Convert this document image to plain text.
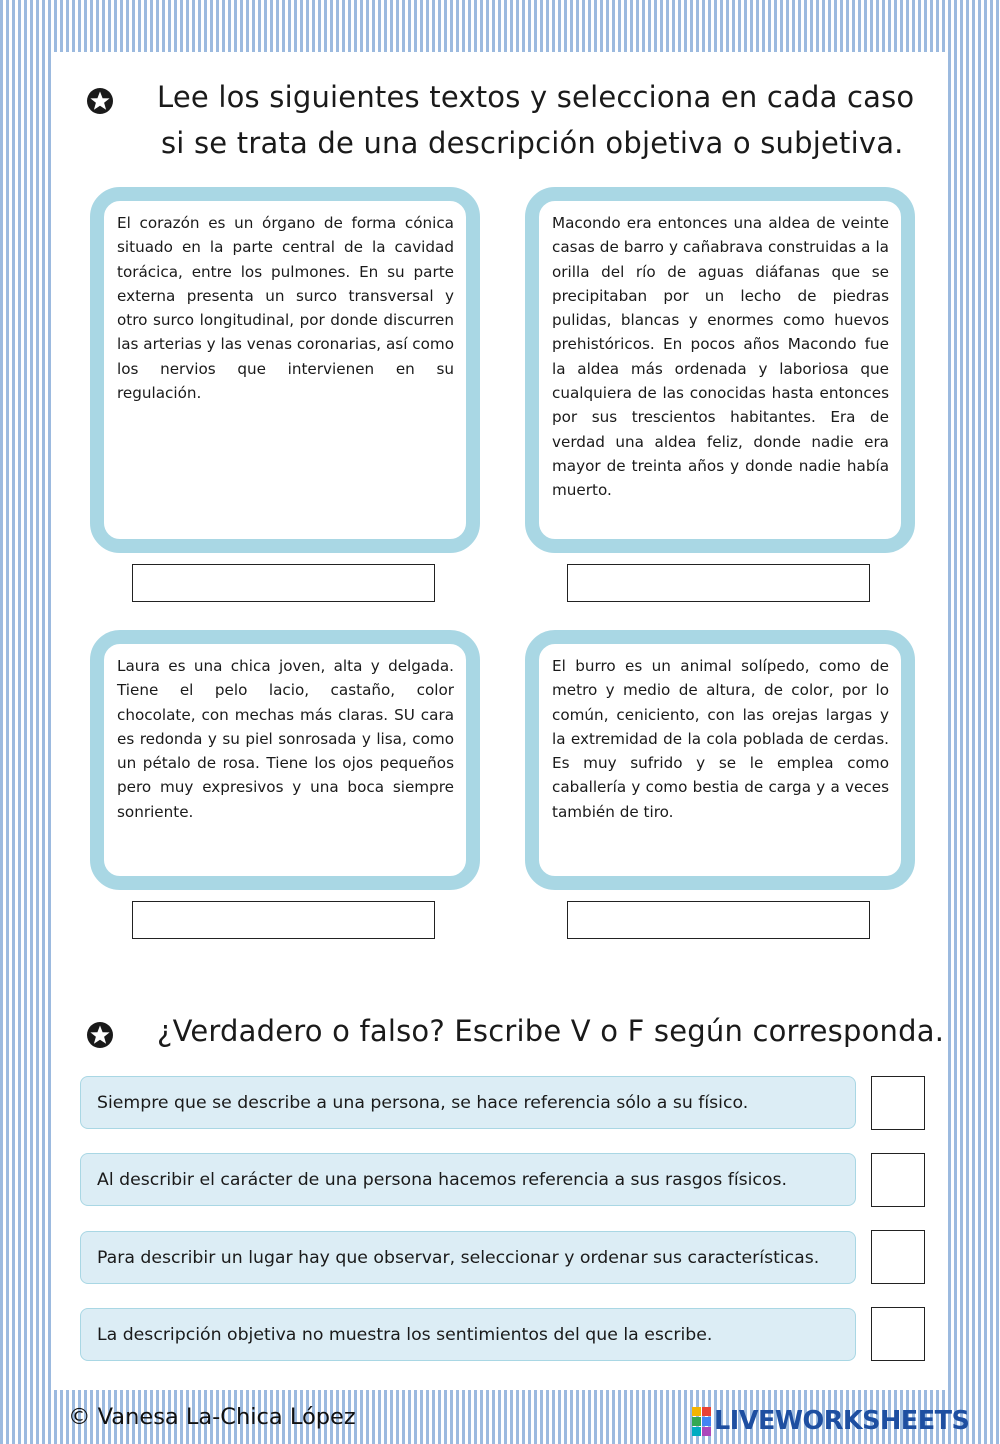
Lee los siguientes textos y selecciona en cada caso
si se trata de una descripción objetiva o subjetiva.

El corazón es un órgano de forma cónica situado en la parte central de la cavidad torácica, entre los pulmones. En su parte externa presenta un surco transversal y otro surco longitudinal, por donde discurren las arterias y las venas coronarias, así como los nervios que intervienen en su regulación.

Macondo era entonces una aldea de veinte casas de barro y cañabrava construidas a la orilla del río de aguas diáfanas que se precipitaban por un lecho de piedras pulidas, blancas y enormes como huevos prehistóricos. En pocos años Macondo fue la aldea más ordenada y laboriosa que cualquiera de las conocidas hasta entonces por sus trescientos habitantes. Era de verdad una aldea feliz, donde nadie era mayor de treinta años y donde nadie había muerto.

Laura es una chica joven, alta y delgada. Tiene el pelo lacio, castaño, color chocolate, con mechas más claras. SU cara es redonda y su piel sonrosada y lisa, como un pétalo de rosa. Tiene los ojos pequeños pero muy expresivos y una boca siempre sonriente.

El burro es un animal solípedo, como de metro y medio de altura, de color, por lo común, ceniciento, con las orejas largas y la extremidad de la cola poblada de cerdas. Es muy sufrido y se le emplea como caballería y como bestia de carga y a veces también de tiro.

¿Verdadero o falso? Escribe V o F según corresponda.
Siempre que se describe a una persona, se hace referencia sólo a su físico.
Al describir el carácter de una persona hacemos referencia a sus rasgos físicos.
Para describir un lugar hay que observar, seleccionar y ordenar sus características.
La descripción objetiva no muestra los sentimientos del que la escribe.
© Vanesa La-Chica López	LIVEWORKSHEETS
